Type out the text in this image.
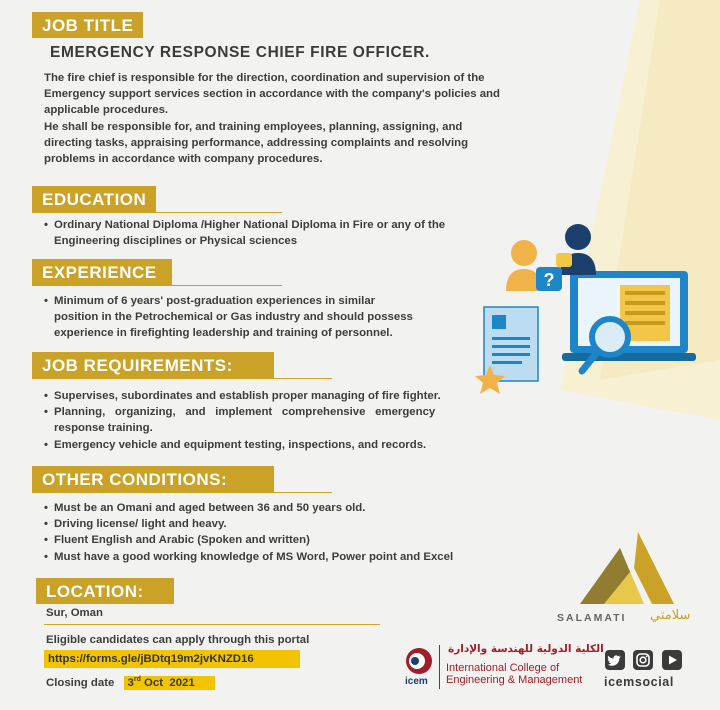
JOB TITLE
EMERGENCY RESPONSE CHIEF FIRE OFFICER.
The fire chief is responsible for the direction, coordination and supervision of the
Emergency support services section in accordance with the company's policies and
applicable procedures.
He shall be responsible for, and training employees, planning, assigning, and
directing tasks, appraising performance, addressing complaints and resolving
problems in accordance with company procedures.
EDUCATION
• Ordinary National Diploma /Higher National Diploma in Fire or any of the
Engineering disciplines or Physical sciences
EXPERIENCE
• Minimum of 6 years' post-graduation experiences in similar
position in the Petrochemical or Gas industry and should possess
experience in firefighting leadership and training of personnel.
JOB REQUIREMENTS:
• Supervises, subordinates and establish proper managing of fire fighter.
• Planning, organizing, and implement comprehensive emergency
response training.
• Emergency vehicle and equipment testing, inspections, and records.
OTHER CONDITIONS:
• Must be an Omani and aged between 36 and 50 years old.
• Driving license/ light and heavy.
• Fluent English and Arabic (Spoken and written)
• Must have a good working knowledge of MS Word, Power point and Excel
LOCATION:
Sur, Oman
Eligible candidates can apply through this portal
https://forms.gle/jBDtq19m2jvKNZD16
Closing date 3rd Oct  2021
?
SALAMATI سلامتي
icem
الكلية الدولية للهندسة والإدارة
International College of
Engineering & Management icemsocial
